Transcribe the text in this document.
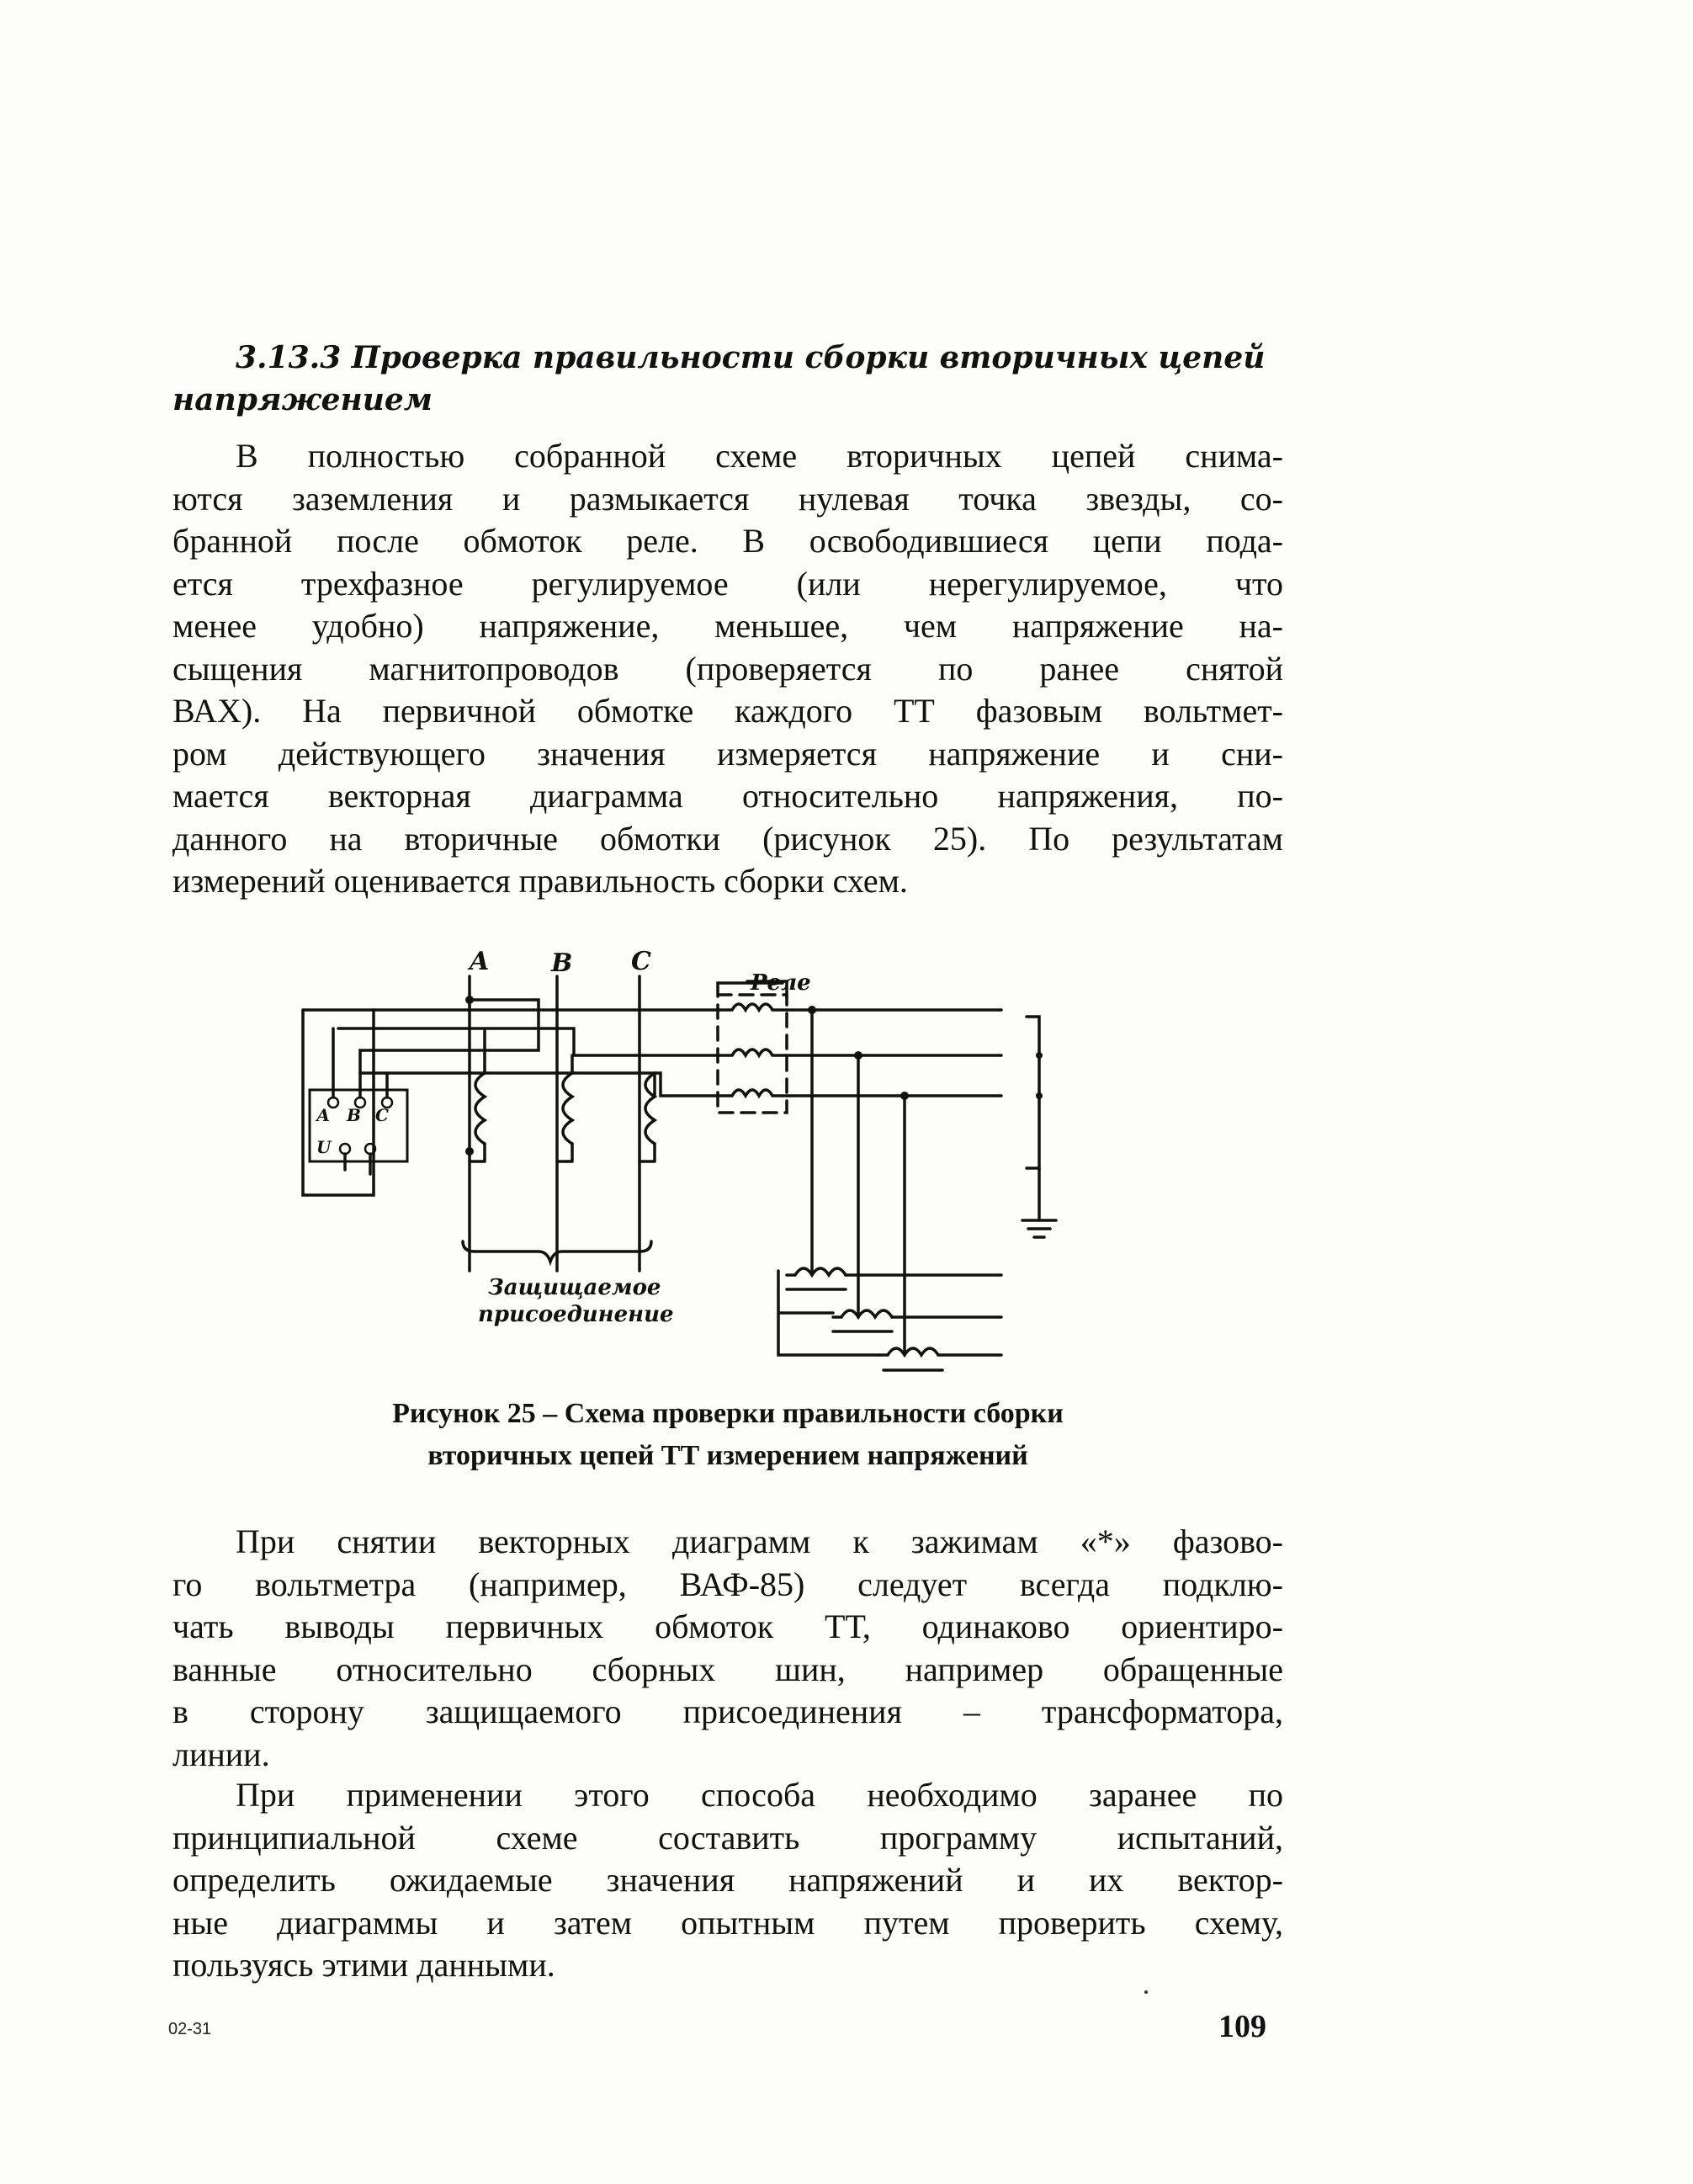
3.13.3 Проверка правильности сборки вторичных цепей
напряжением
В полностью собранной схеме вторичных цепей снима-
ются заземления и размыкается нулевая точка звезды, со-
бранной после обмоток реле. В освободившиеся цепи пода-
ется трехфазное регулируемое (или нерегулируемое, что
менее удобно) напряжение, меньшее, чем напряжение на-
сыщения магнитопроводов (проверяется по ранее снятой
ВАХ). На первичной обмотке каждого ТТ фазовым вольтмет-
ром действующего значения измеряется напряжение и сни-
мается векторная диаграмма относительно напряжения, по-
данного на вторичные обмотки (рисунок 25). По результатам
измерений оценивается правильность сборки схем.
A B C
Реле
А В С
U
Защищаемое
присоединение

Рисунок 25 – Схема проверки правильности сборки
вторичных цепей ТТ измерением напряжений

При снятии векторных диаграмм к зажимам «*» фазово-
го вольтметра (например, ВАФ-85) следует всегда подклю-
чать выводы первичных обмоток ТТ, одинаково ориентиро-
ванные относительно сборных шин, например обращенные
в сторону защищаемого присоединения – трансформатора,
линии.
При применении этого способа необходимо заранее по
принципиальной схеме составить программу испытаний,
определить ожидаемые значения напряжений и их вектор-
ные диаграммы и затем опытным путем проверить схему,
пользуясь этими данными.
02-31	109
